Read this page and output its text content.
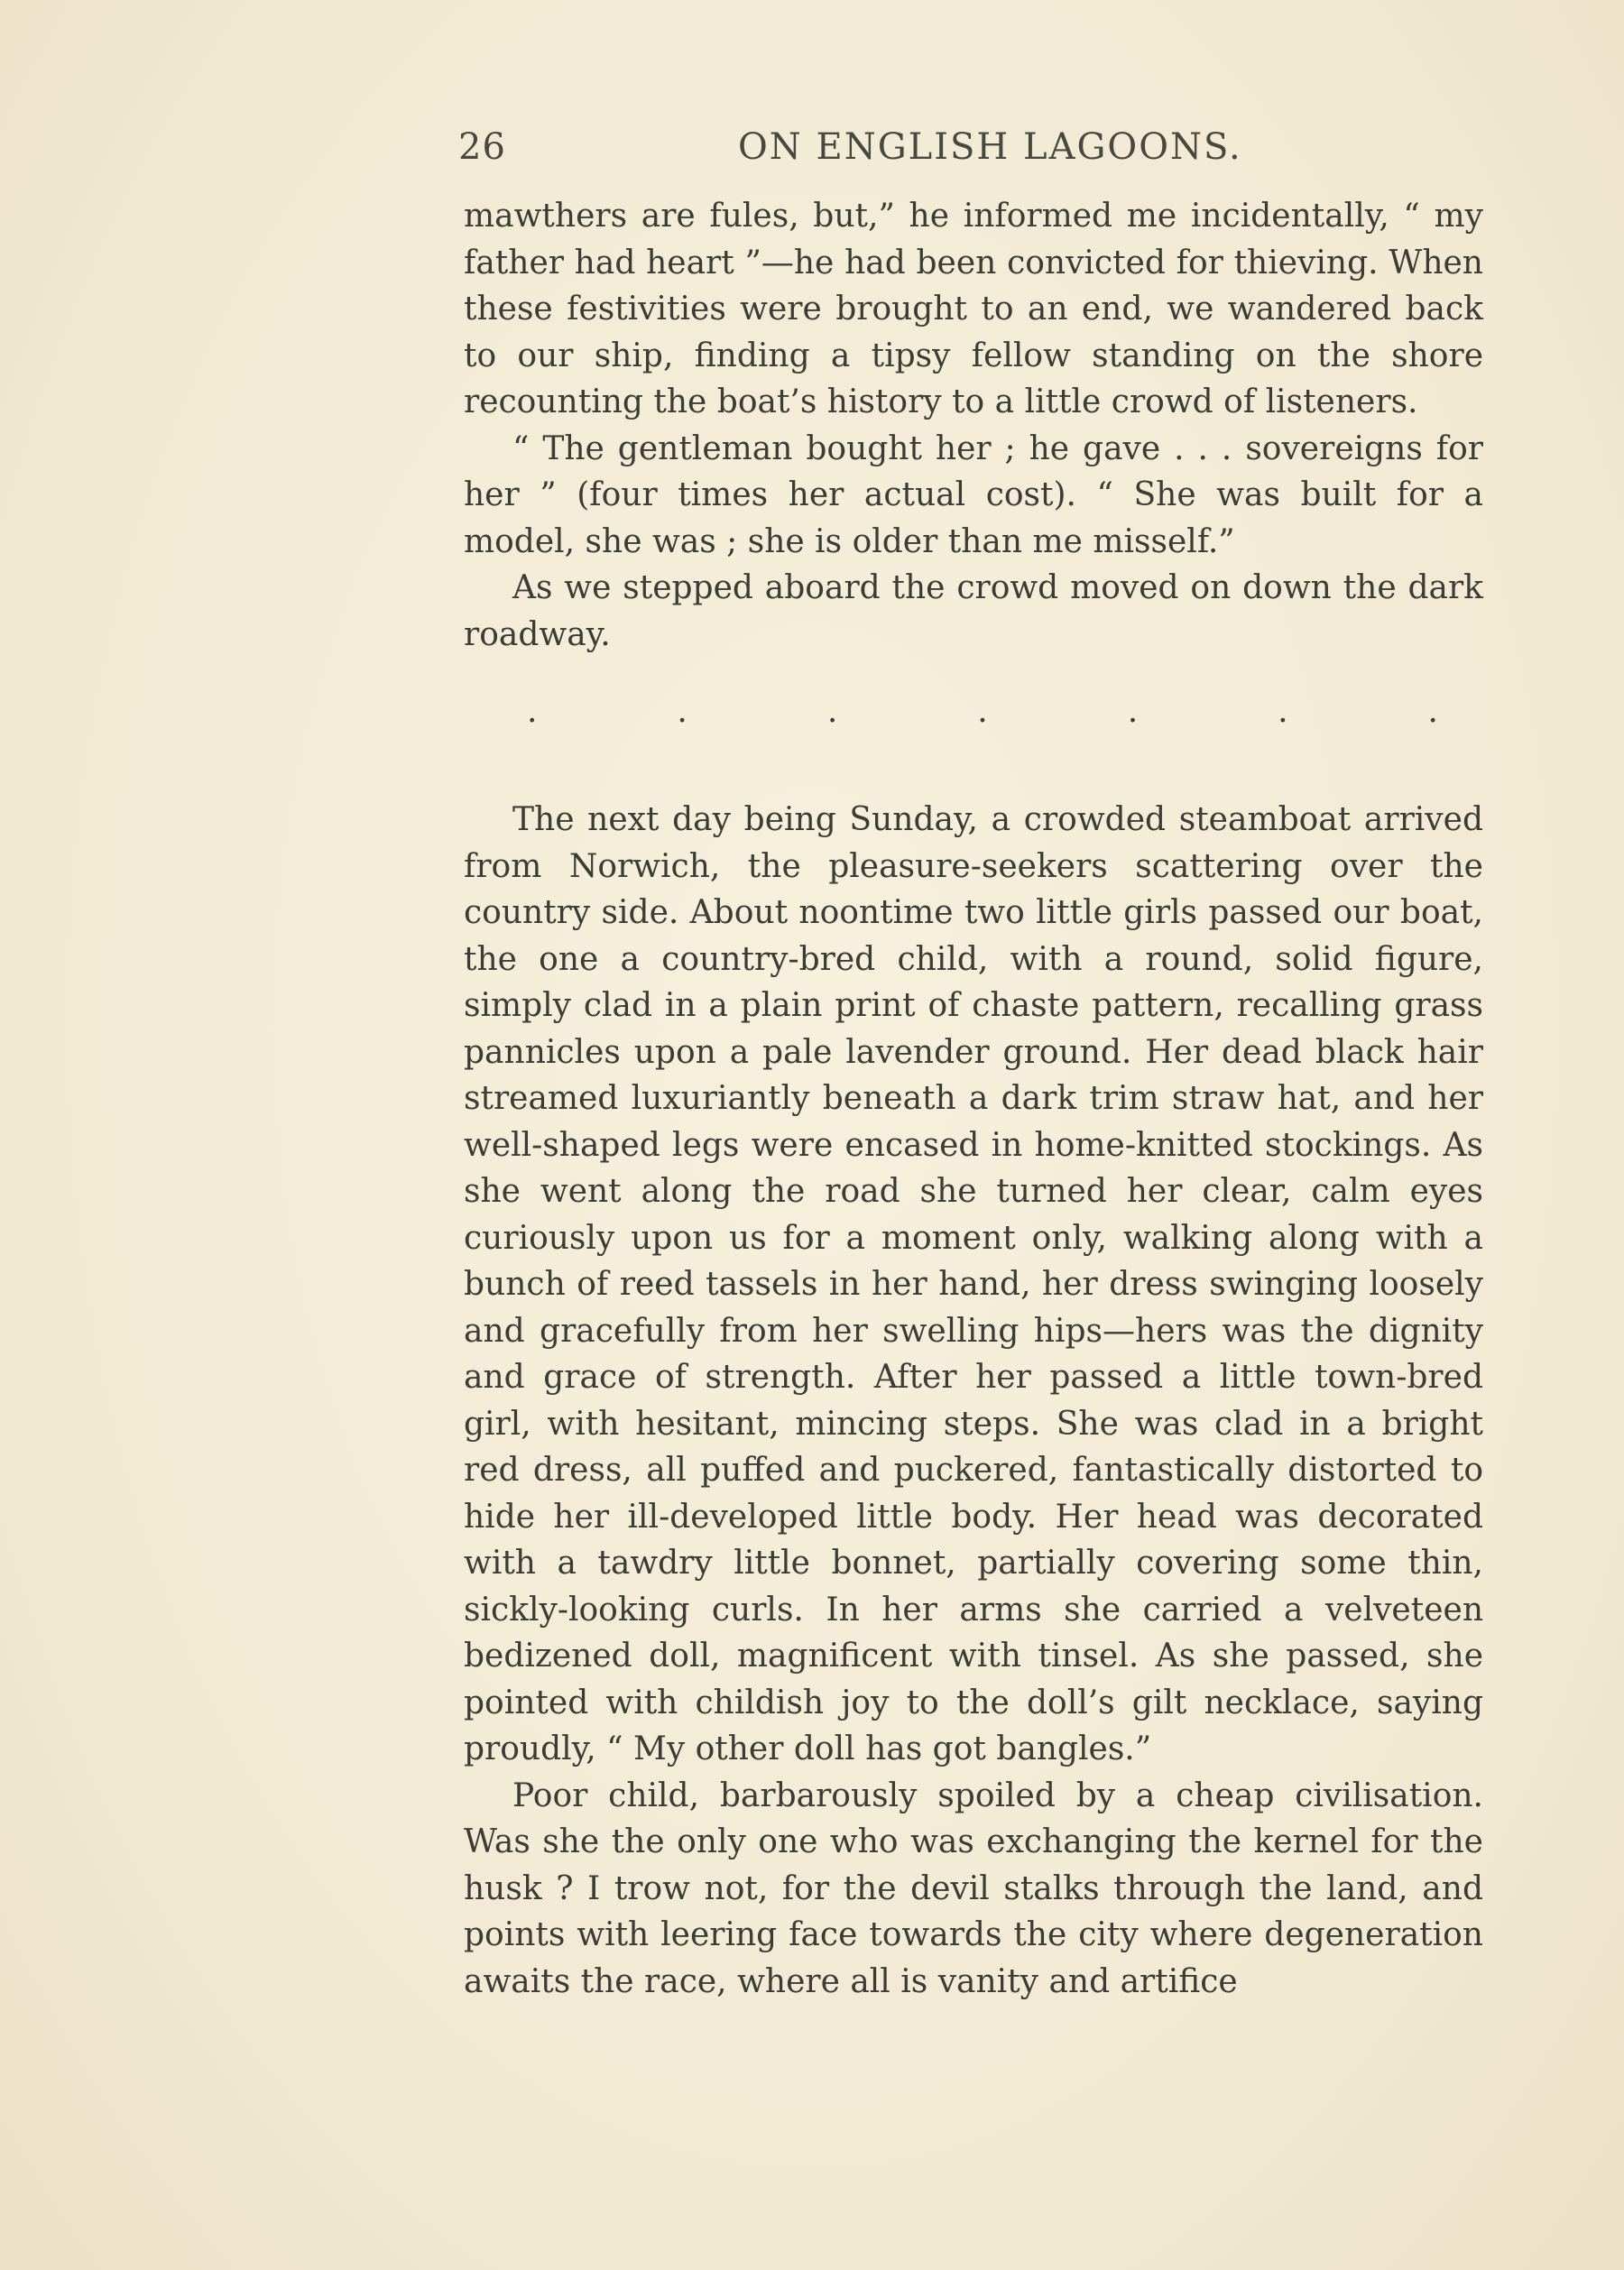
26	ON ENGLISH LAGOONS.

mawthers are fules, but,” he informed me incidentally, “ my father had heart ”—he had been convicted for thieving. When these festivities were brought to an end, we wandered back to our ship, finding a tipsy fellow standing on the shore recounting the boat’s history to a little crowd of listeners.

“ The gentleman bought her ; he gave . . . sovereigns for her ” (four times her actual cost). “ She was built for a model, she was ; she is older than me misself.”

As we stepped aboard the crowd moved on down the dark roadway.

.	.	.	.	.	.	.

The next day being Sunday, a crowded steamboat arrived from Norwich, the pleasure-seekers scattering over the country side. About noontime two little girls passed our boat, the one a country-bred child, with a round, solid figure, simply clad in a plain print of chaste pattern, recalling grass pannicles upon a pale lavender ground. Her dead black hair streamed luxuriantly beneath a dark trim straw hat, and her well-shaped legs were encased in home-knitted stockings. As she went along the road she turned her clear, calm eyes curiously upon us for a moment only, walking along with a bunch of reed tassels in her hand, her dress swinging loosely and gracefully from her swelling hips—hers was the dignity and grace of strength. After her passed a little town-bred girl, with hesitant, mincing steps. She was clad in a bright red dress, all puffed and puckered, fantastically distorted to hide her ill-developed little body. Her head was decorated with a tawdry little bonnet, partially covering some thin, sickly-looking curls. In her arms she carried a velveteen bedizened doll, magnificent with tinsel. As she passed, she pointed with childish joy to the doll’s gilt necklace, saying proudly, “ My other doll has got bangles.”

Poor child, barbarously spoiled by a cheap civilisation. Was she the only one who was exchanging the kernel for the husk ? I trow not, for the devil stalks through the land, and points with leering face towards the city where degeneration awaits the race, where all is vanity and artifice
